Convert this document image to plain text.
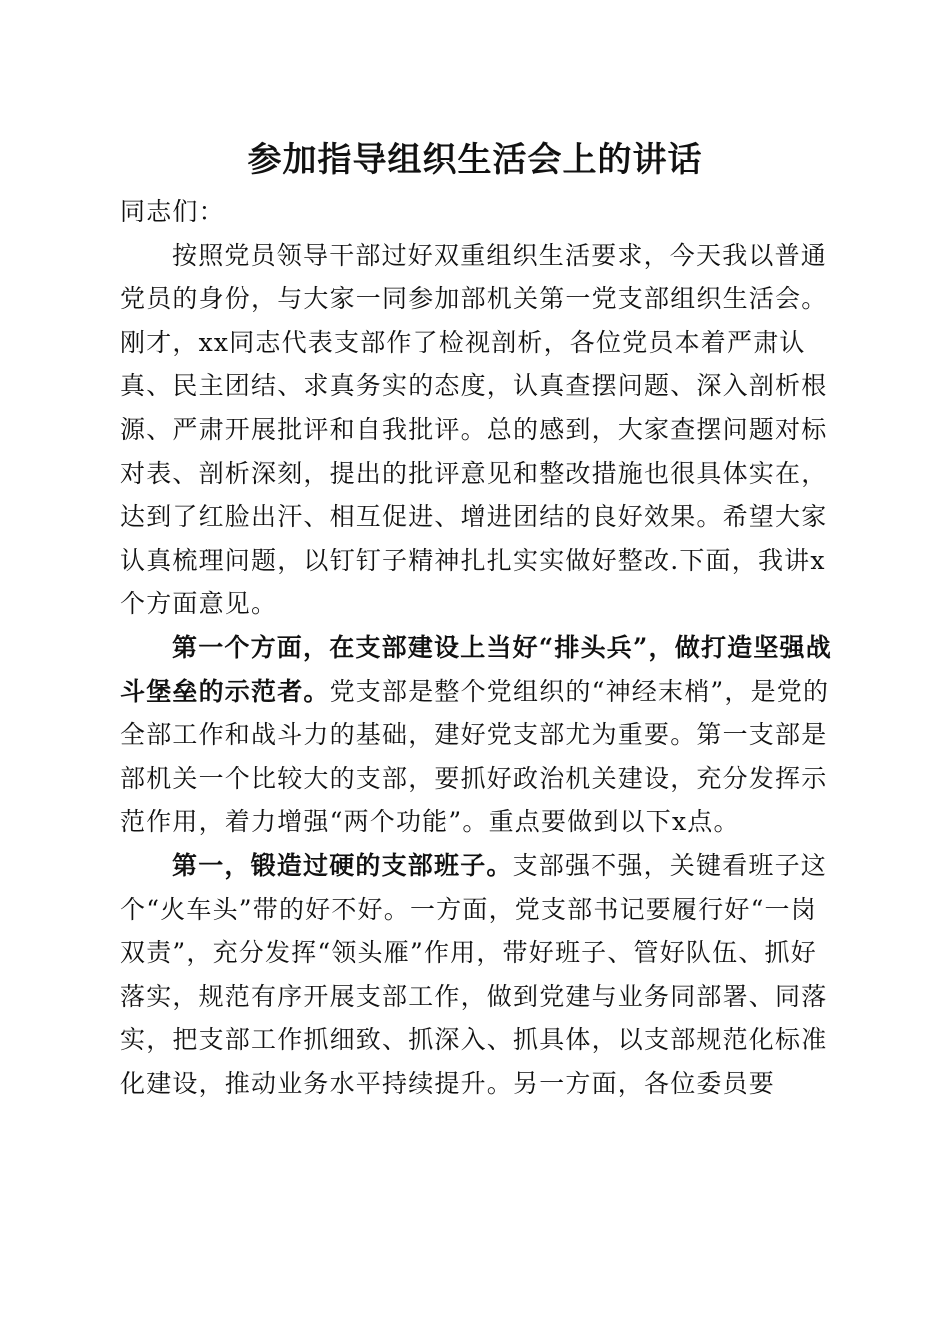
参加指导组织生活会上的讲话

同志们：

按照党员领导干部过好双重组织生活要求，今天我以普通党员的身份，与大家一同参加部机关第一党支部组织生活会。刚才，xx同志代表支部作了检视剖析，各位党员本着严肃认真、民主团结、求真务实的态度，认真查摆问题、深入剖析根源、严肃开展批评和自我批评。总的感到，大家查摆问题对标对表、剖析深刻，提出的批评意见和整改措施也很具体实在，达到了红脸出汗、相互促进、增进团结的良好效果。希望大家认真梳理问题，以钉钉子精神扎扎实实做好整改.下面，我讲x个方面意见。

第一个方面，在支部建设上当好“排头兵”，做打造坚强战斗堡垒的示范者。党支部是整个党组织的“神经末梢”，是党的全部工作和战斗力的基础，建好党支部尤为重要。第一支部是部机关一个比较大的支部，要抓好政治机关建设，充分发挥示范作用，着力增强“两个功能”。重点要做到以下x点。

第一，锻造过硬的支部班子。支部强不强，关键看班子这个“火车头”带的好不好。一方面，党支部书记要履行好“一岗双责”，充分发挥“领头雁”作用，带好班子、管好队伍、抓好落实，规范有序开展支部工作，做到党建与业务同部署、同落实，把支部工作抓细致、抓深入、抓具体，以支部规范化标准化建设，推动业务水平持续提升。另一方面，各位委员要
